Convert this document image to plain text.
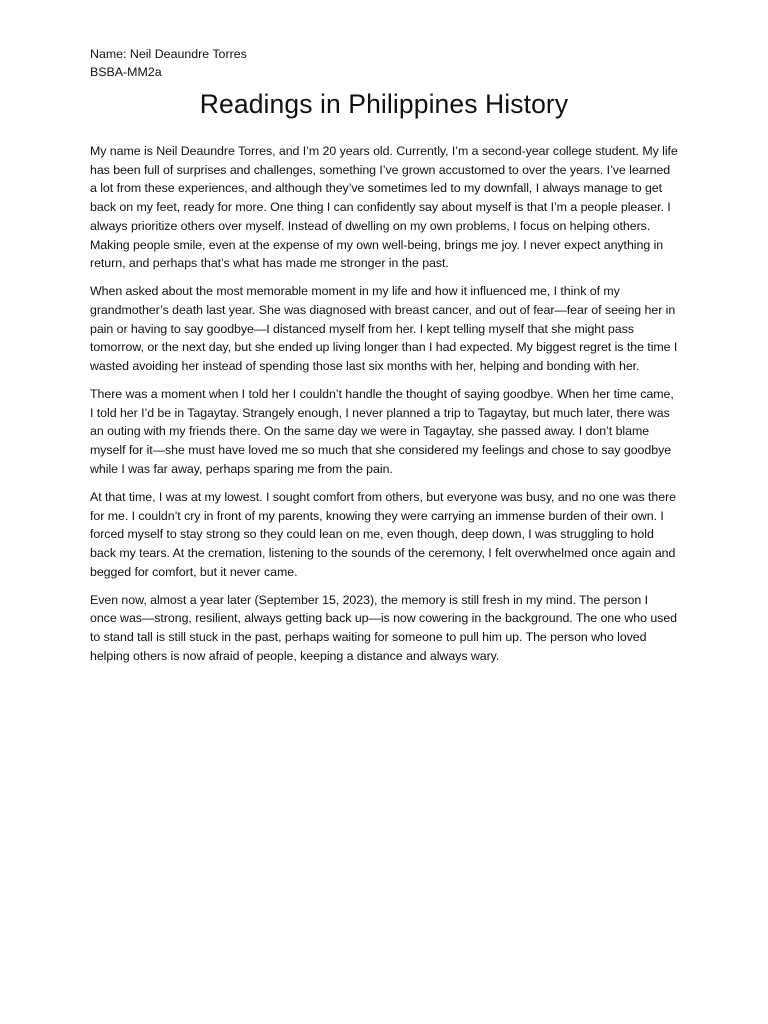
Name: Neil Deaundre Torres

BSBA-MM2a

Readings in Philippines History

My name is Neil Deaundre Torres, and I’m 20 years old. Currently, I’m a second-year college student. My life has been full of surprises and challenges, something I’ve grown accustomed to over the years. I’ve learned a lot from these experiences, and although they’ve sometimes led to my downfall, I always manage to get back on my feet, ready for more. One thing I can confidently say about myself is that I’m a people pleaser. I always prioritize others over myself. Instead of dwelling on my own problems, I focus on helping others. Making people smile, even at the expense of my own well-being, brings me joy. I never expect anything in return, and perhaps that’s what has made me stronger in the past.

When asked about the most memorable moment in my life and how it influenced me, I think of my grandmother’s death last year. She was diagnosed with breast cancer, and out of fear—fear of seeing her in pain or having to say goodbye—I distanced myself from her. I kept telling myself that she might pass tomorrow, or the next day, but she ended up living longer than I had expected. My biggest regret is the time I wasted avoiding her instead of spending those last six months with her, helping and bonding with her.

There was a moment when I told her I couldn’t handle the thought of saying goodbye. When her time came, I told her I’d be in Tagaytay. Strangely enough, I never planned a trip to Tagaytay, but much later, there was an outing with my friends there. On the same day we were in Tagaytay, she passed away. I don’t blame myself for it—she must have loved me so much that she considered my feelings and chose to say goodbye while I was far away, perhaps sparing me from the pain.

At that time, I was at my lowest. I sought comfort from others, but everyone was busy, and no one was there for me. I couldn’t cry in front of my parents, knowing they were carrying an immense burden of their own. I forced myself to stay strong so they could lean on me, even though, deep down, I was struggling to hold back my tears. At the cremation, listening to the sounds of the ceremony, I felt overwhelmed once again and begged for comfort, but it never came.

Even now, almost a year later (September 15, 2023), the memory is still fresh in my mind. The person I once was—strong, resilient, always getting back up—is now cowering in the background. The one who used to stand tall is still stuck in the past, perhaps waiting for someone to pull him up. The person who loved helping others is now afraid of people, keeping a distance and always wary.
